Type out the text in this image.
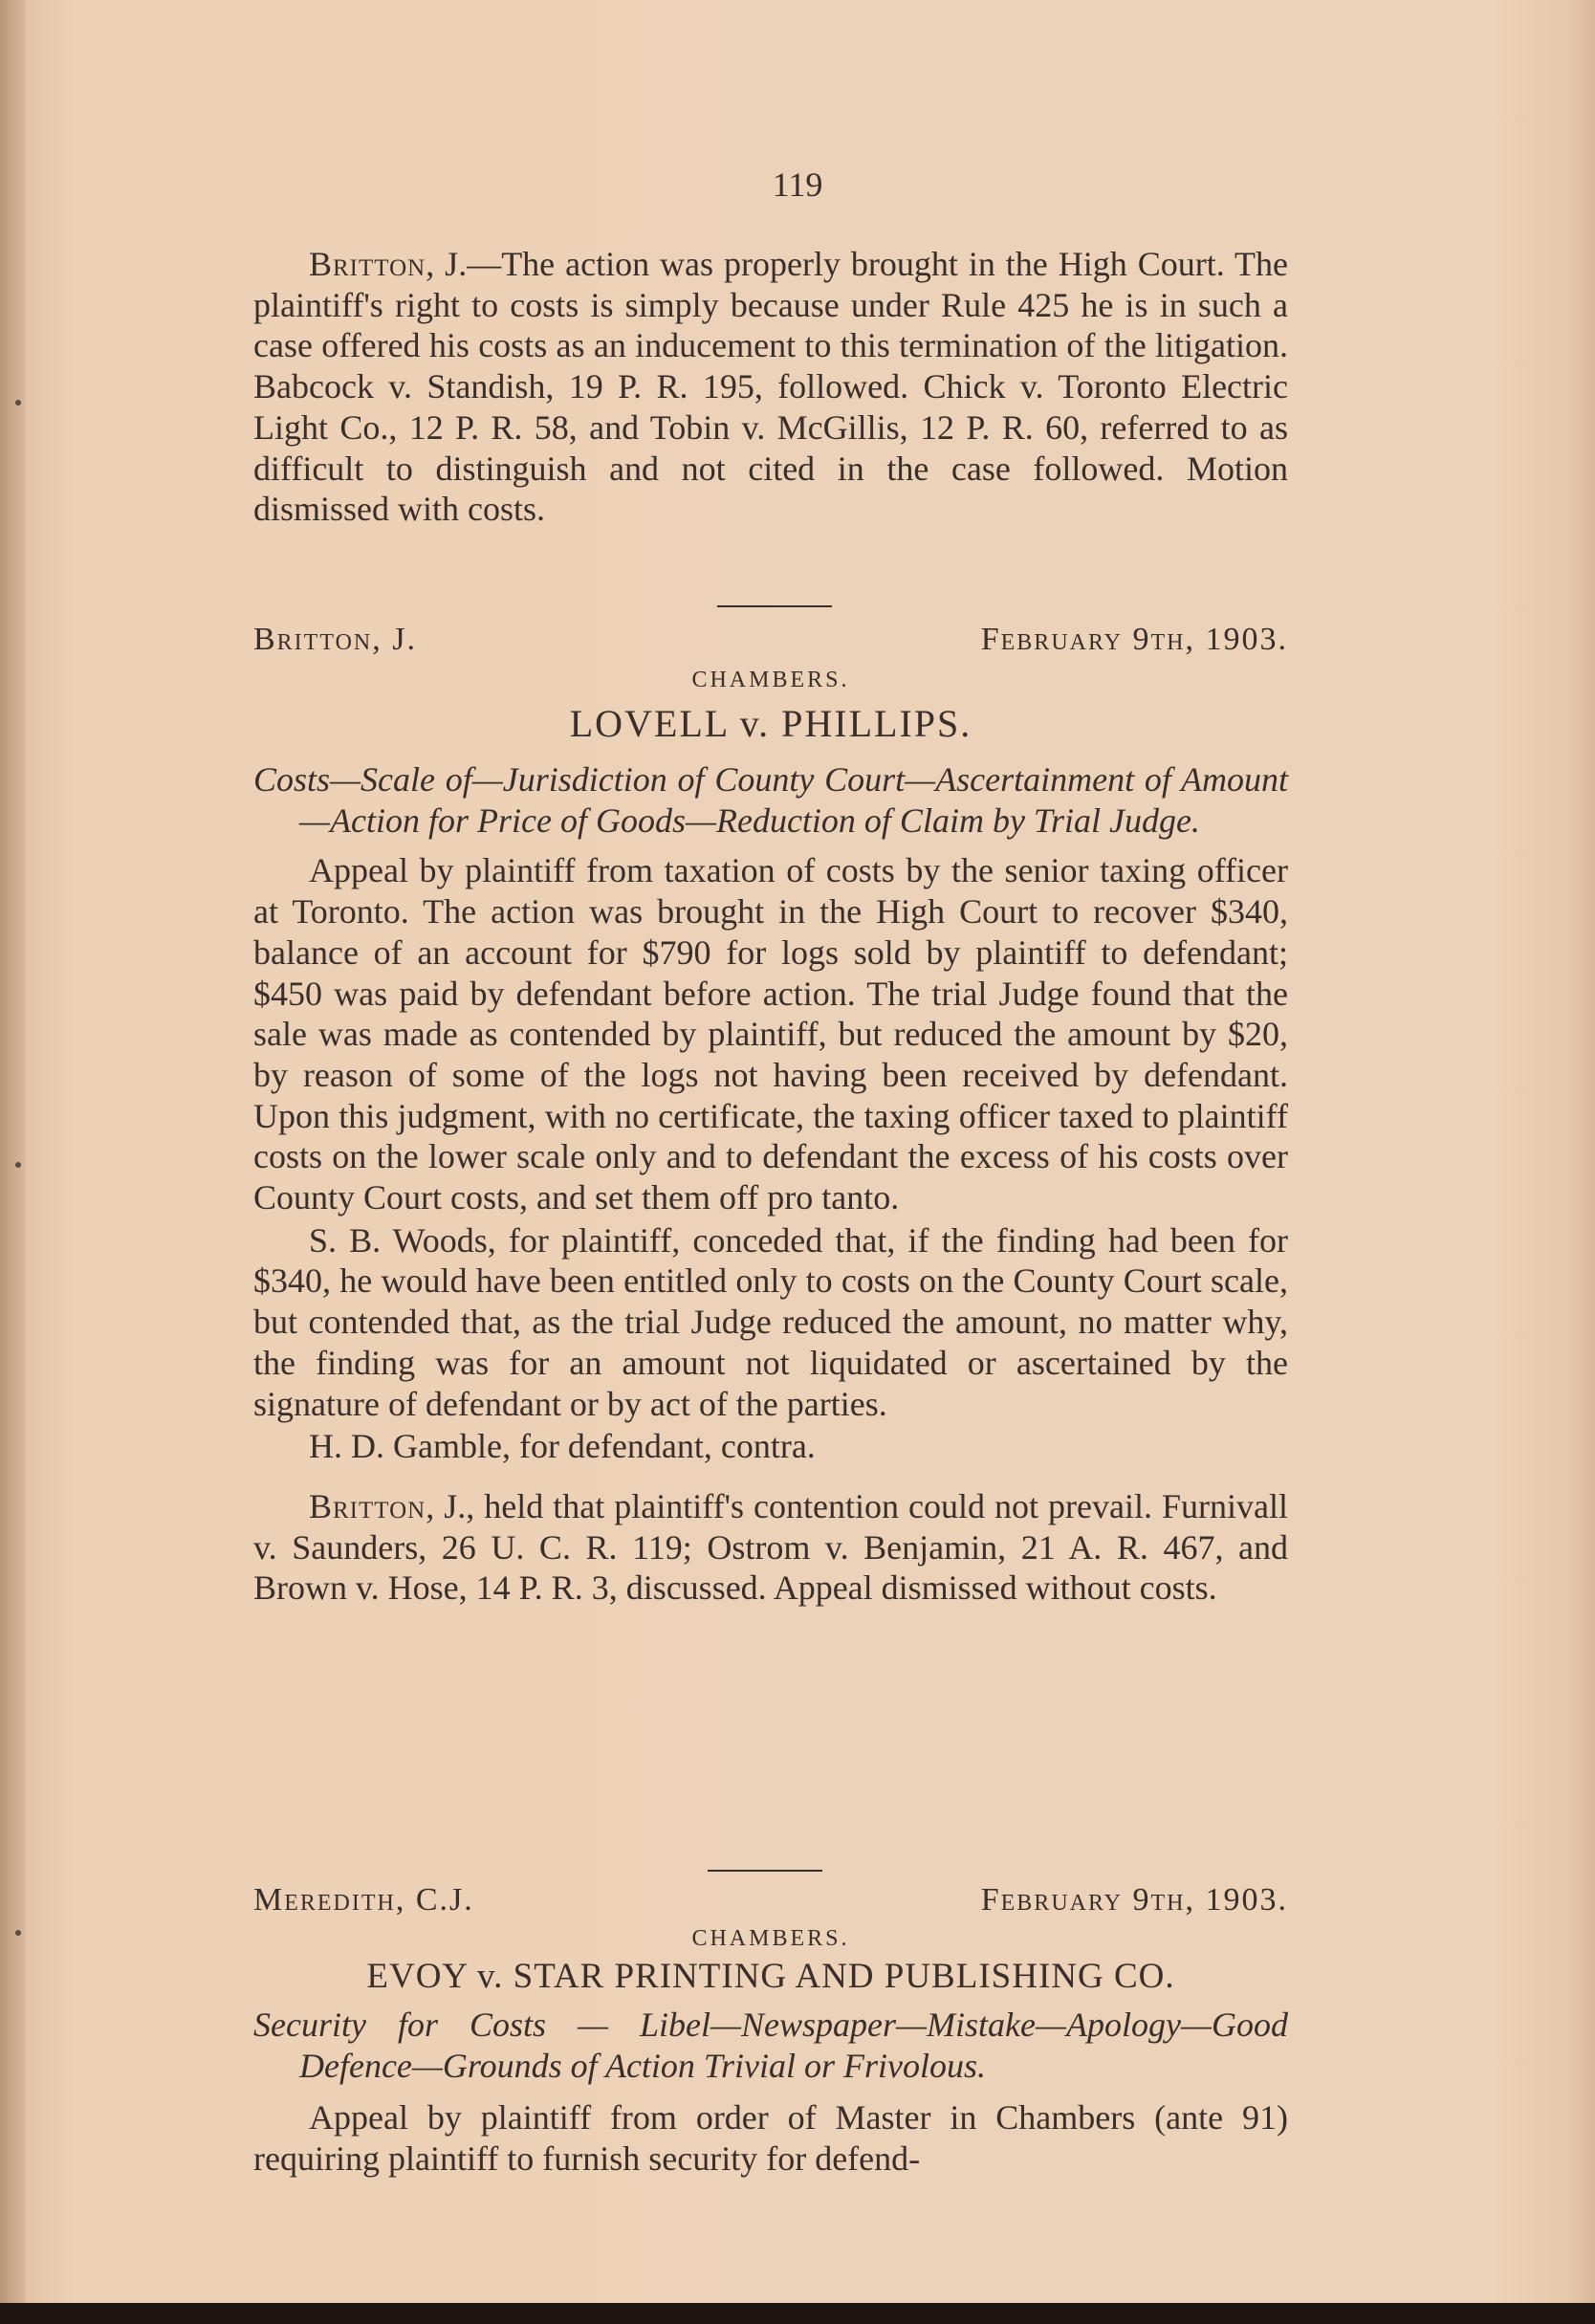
119

Britton, J.—The action was properly brought in the High Court. The plaintiff's right to costs is simply because under Rule 425 he is in such a case offered his costs as an inducement to this termination of the litigation. Babcock v. Standish, 19 P. R. 195, followed. Chick v. Toronto Electric Light Co., 12 P. R. 58, and Tobin v. McGillis, 12 P. R. 60, referred to as difficult to distinguish and not cited in the case followed. Motion dismissed with costs.

Britton, J.	February 9th, 1903.
CHAMBERS.
LOVELL v. PHILLIPS.

Costs—Scale of—Jurisdiction of County Court—Ascertainment of Amount—Action for Price of Goods—Reduction of Claim by Trial Judge.

Appeal by plaintiff from taxation of costs by the senior taxing officer at Toronto. The action was brought in the High Court to recover $340, balance of an account for $790 for logs sold by plaintiff to defendant; $450 was paid by defendant before action. The trial Judge found that the sale was made as contended by plaintiff, but reduced the amount by $20, by reason of some of the logs not having been received by defendant. Upon this judgment, with no certificate, the taxing officer taxed to plaintiff costs on the lower scale only and to defendant the excess of his costs over County Court costs, and set them off pro tanto.

S. B. Woods, for plaintiff, conceded that, if the finding had been for $340, he would have been entitled only to costs on the County Court scale, but contended that, as the trial Judge reduced the amount, no matter why, the finding was for an amount not liquidated or ascertained by the signature of defendant or by act of the parties.

H. D. Gamble, for defendant, contra.

Britton, J., held that plaintiff's contention could not prevail. Furnivall v. Saunders, 26 U. C. R. 119; Ostrom v. Benjamin, 21 A. R. 467, and Brown v. Hose, 14 P. R. 3, discussed. Appeal dismissed without costs.

Meredith, C.J.	February 9th, 1903.
CHAMBERS.
EVOY v. STAR PRINTING AND PUBLISHING CO.

Security for Costs — Libel—Newspaper—Mistake—Apology—Good Defence—Grounds of Action Trivial or Frivolous.

Appeal by plaintiff from order of Master in Chambers (ante 91) requiring plaintiff to furnish security for defend-
